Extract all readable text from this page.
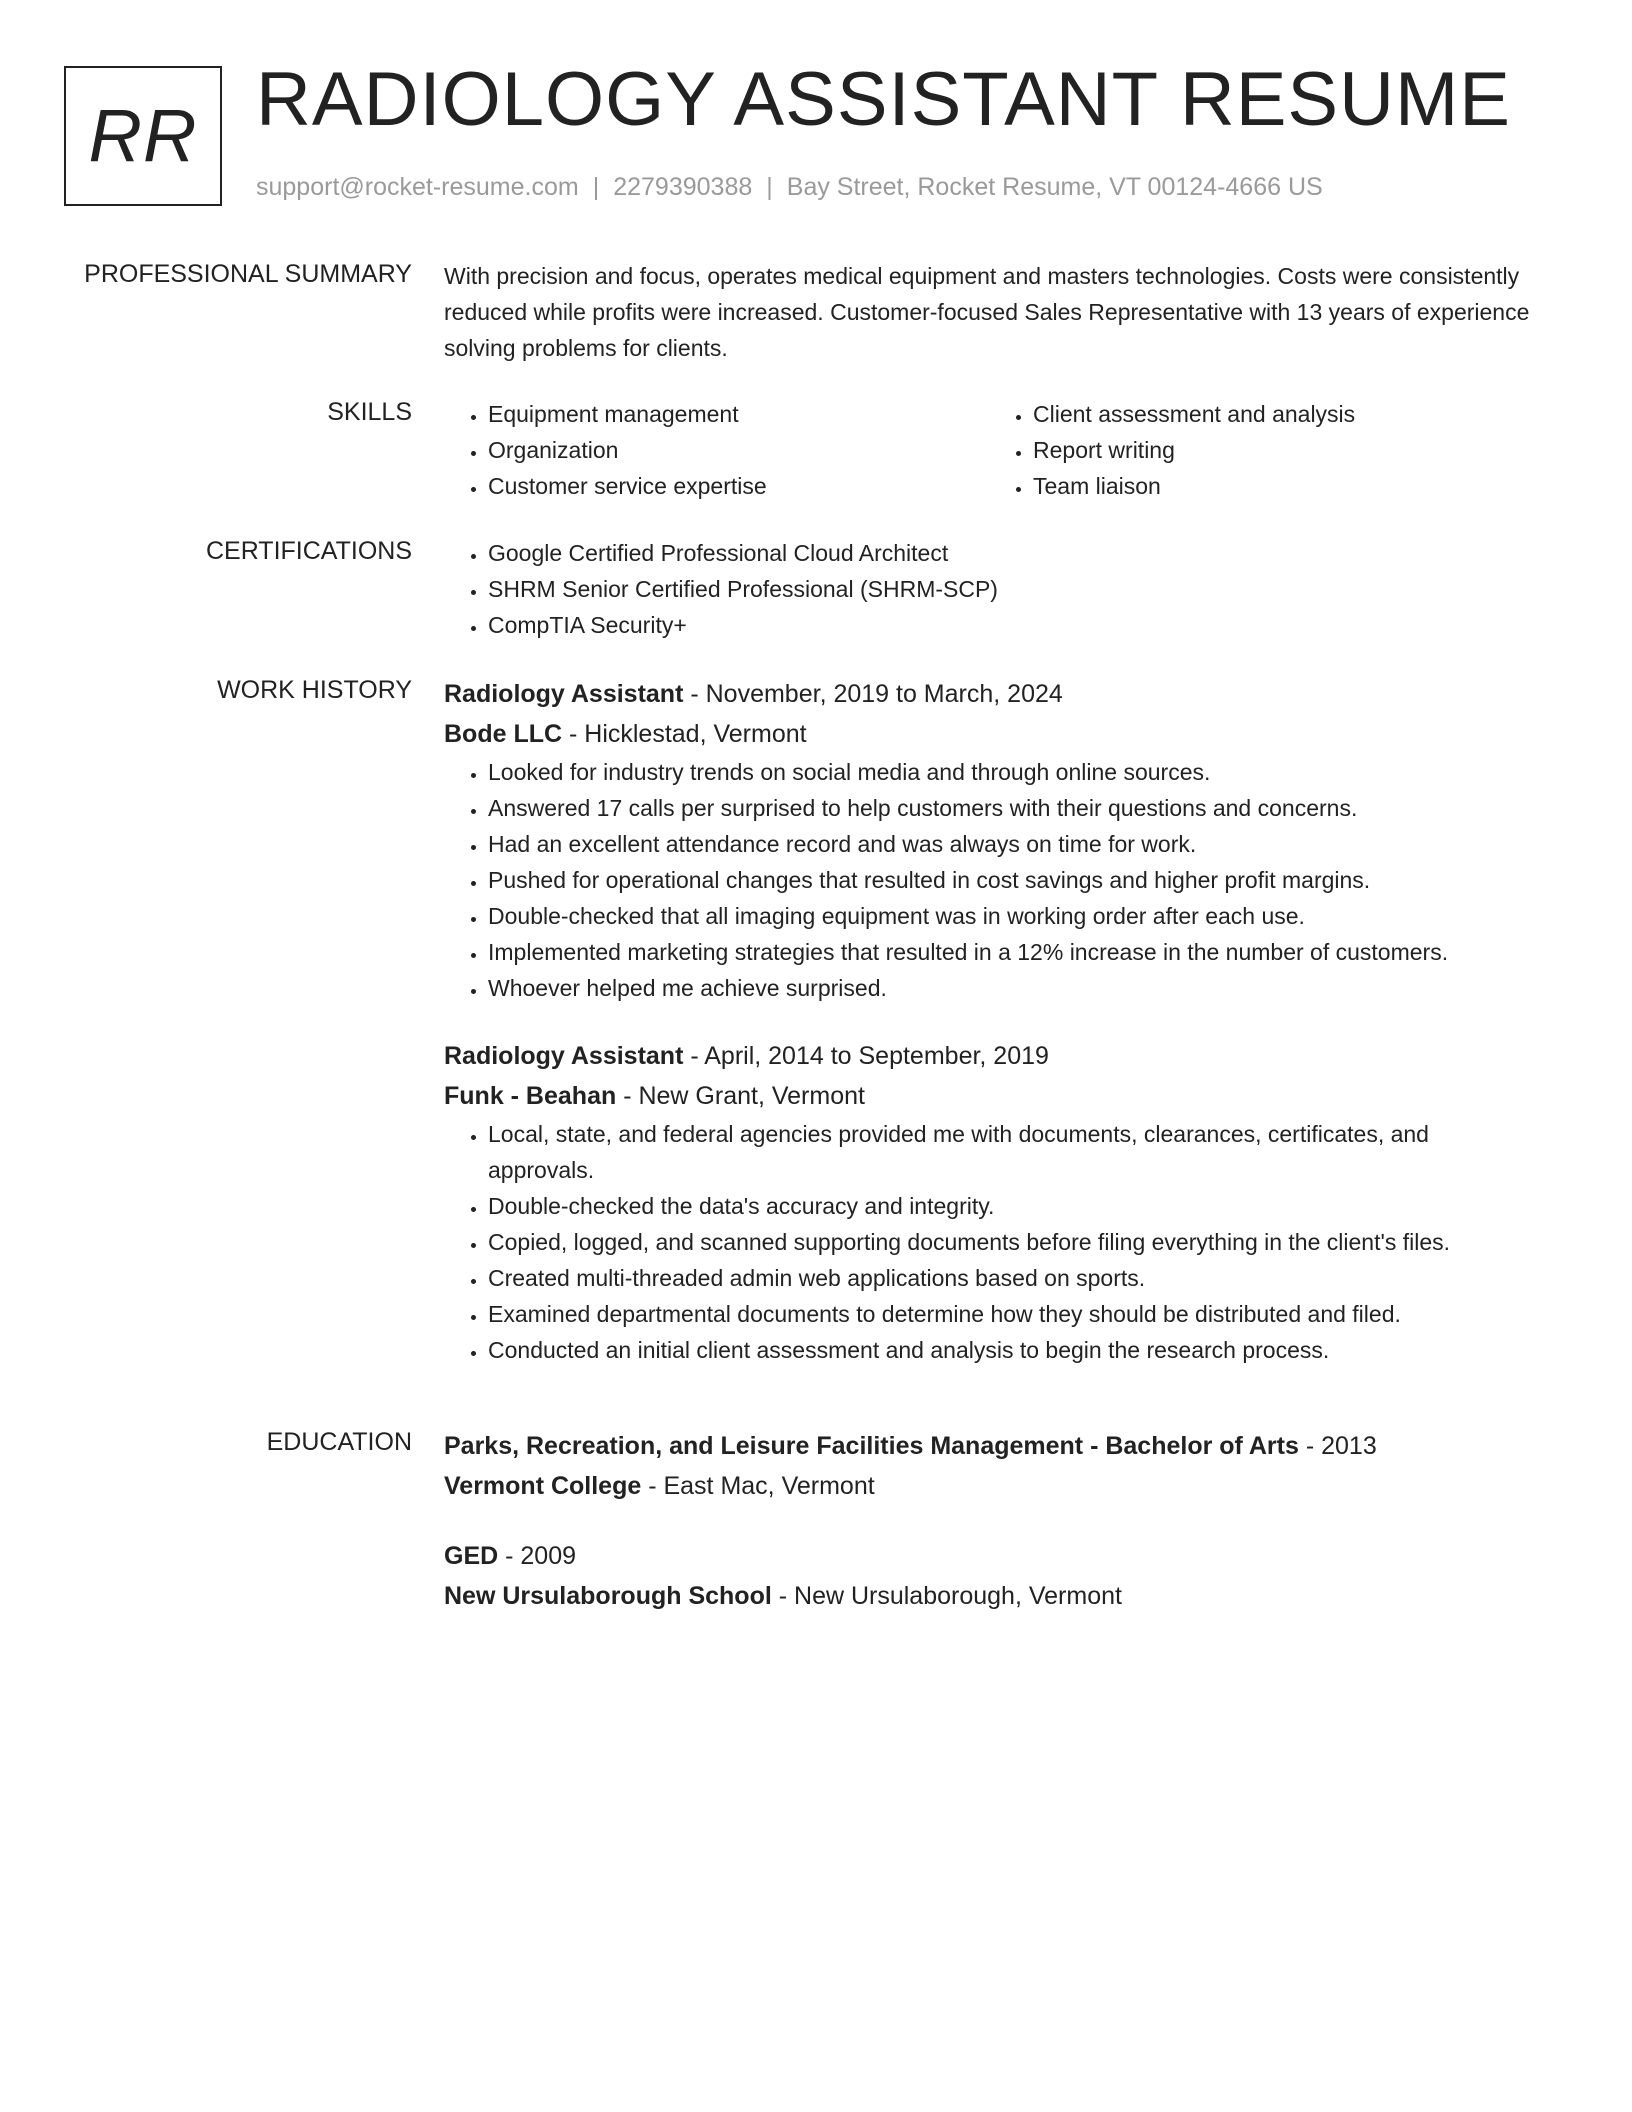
RR RADIOLOGY ASSISTANT RESUME
support@rocket-resume.com | 2279390388 | Bay Street, Rocket Resume, VT 00124-4666 US
PROFESSIONAL SUMMARY With precision and focus, operates medical equipment and masters technologies. Costs were consistently reduced while profits were increased. Customer-focused Sales Representative with 13 years of experience solving problems for clients.

SKILLS	• Equipment management
• Organization
• Customer service expertise
• Client assessment and analysis
• Report writing
• Team liaison
CERTIFICATIONS	• Google Certified Professional Cloud Architect
• SHRM Senior Certified Professional (SHRM-SCP)
• CompTIA Security+
WORK HISTORY Radiology Assistant - November, 2019 to March, 2024
Bode LLC - Hicklestad, Vermont
• Looked for industry trends on social media and through online sources.
• Answered 17 calls per surprised to help customers with their questions and concerns.
• Had an excellent attendance record and was always on time for work.
• Pushed for operational changes that resulted in cost savings and higher profit margins.
• Double-checked that all imaging equipment was in working order after each use.
• Implemented marketing strategies that resulted in a 12% increase in the number of customers.
• Whoever helped me achieve surprised.
Radiology Assistant - April, 2014 to September, 2019
Funk - Beahan - New Grant, Vermont
• Local, state, and federal agencies provided me with documents, clearances, certificates, and approvals.
• Double-checked the data's accuracy and integrity.
• Copied, logged, and scanned supporting documents before filing everything in the client's files.
• Created multi-threaded admin web applications based on sports.
• Examined departmental documents to determine how they should be distributed and filed.
• Conducted an initial client assessment and analysis to begin the research process.
EDUCATION Parks, Recreation, and Leisure Facilities Management - Bachelor of Arts - 2013
Vermont College - East Mac, Vermont
GED - 2009
New Ursulaborough School - New Ursulaborough, Vermont
